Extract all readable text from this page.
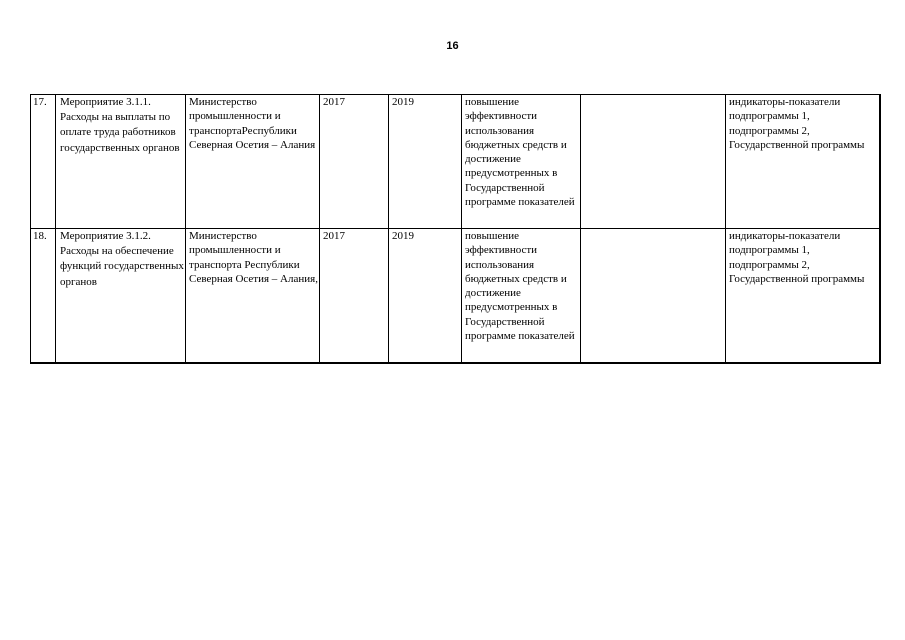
16
17.	Мероприятие 3.1.1. Расходы на выплаты по оплате труда работников государственных органов	Министерство промышленности и транспортаРеспублики Северная Осетия – Алания	2017	2019	повышение эффективности использования бюджетных средств и достижение предусмотренных в Государственной программе показателей		индикаторы-показатели подпрограммы 1, подпрограммы 2, Государственной программы
18.	Мероприятие 3.1.2. Расходы на обеспечение функций государственных органов	Министерство промышленности и транспорта Республики Северная Осетия – Алания,	2017	2019	повышение эффективности использования бюджетных средств и достижение предусмотренных в Государственной программе показателей		индикаторы-показатели подпрограммы 1, подпрограммы 2, Государственной программы
